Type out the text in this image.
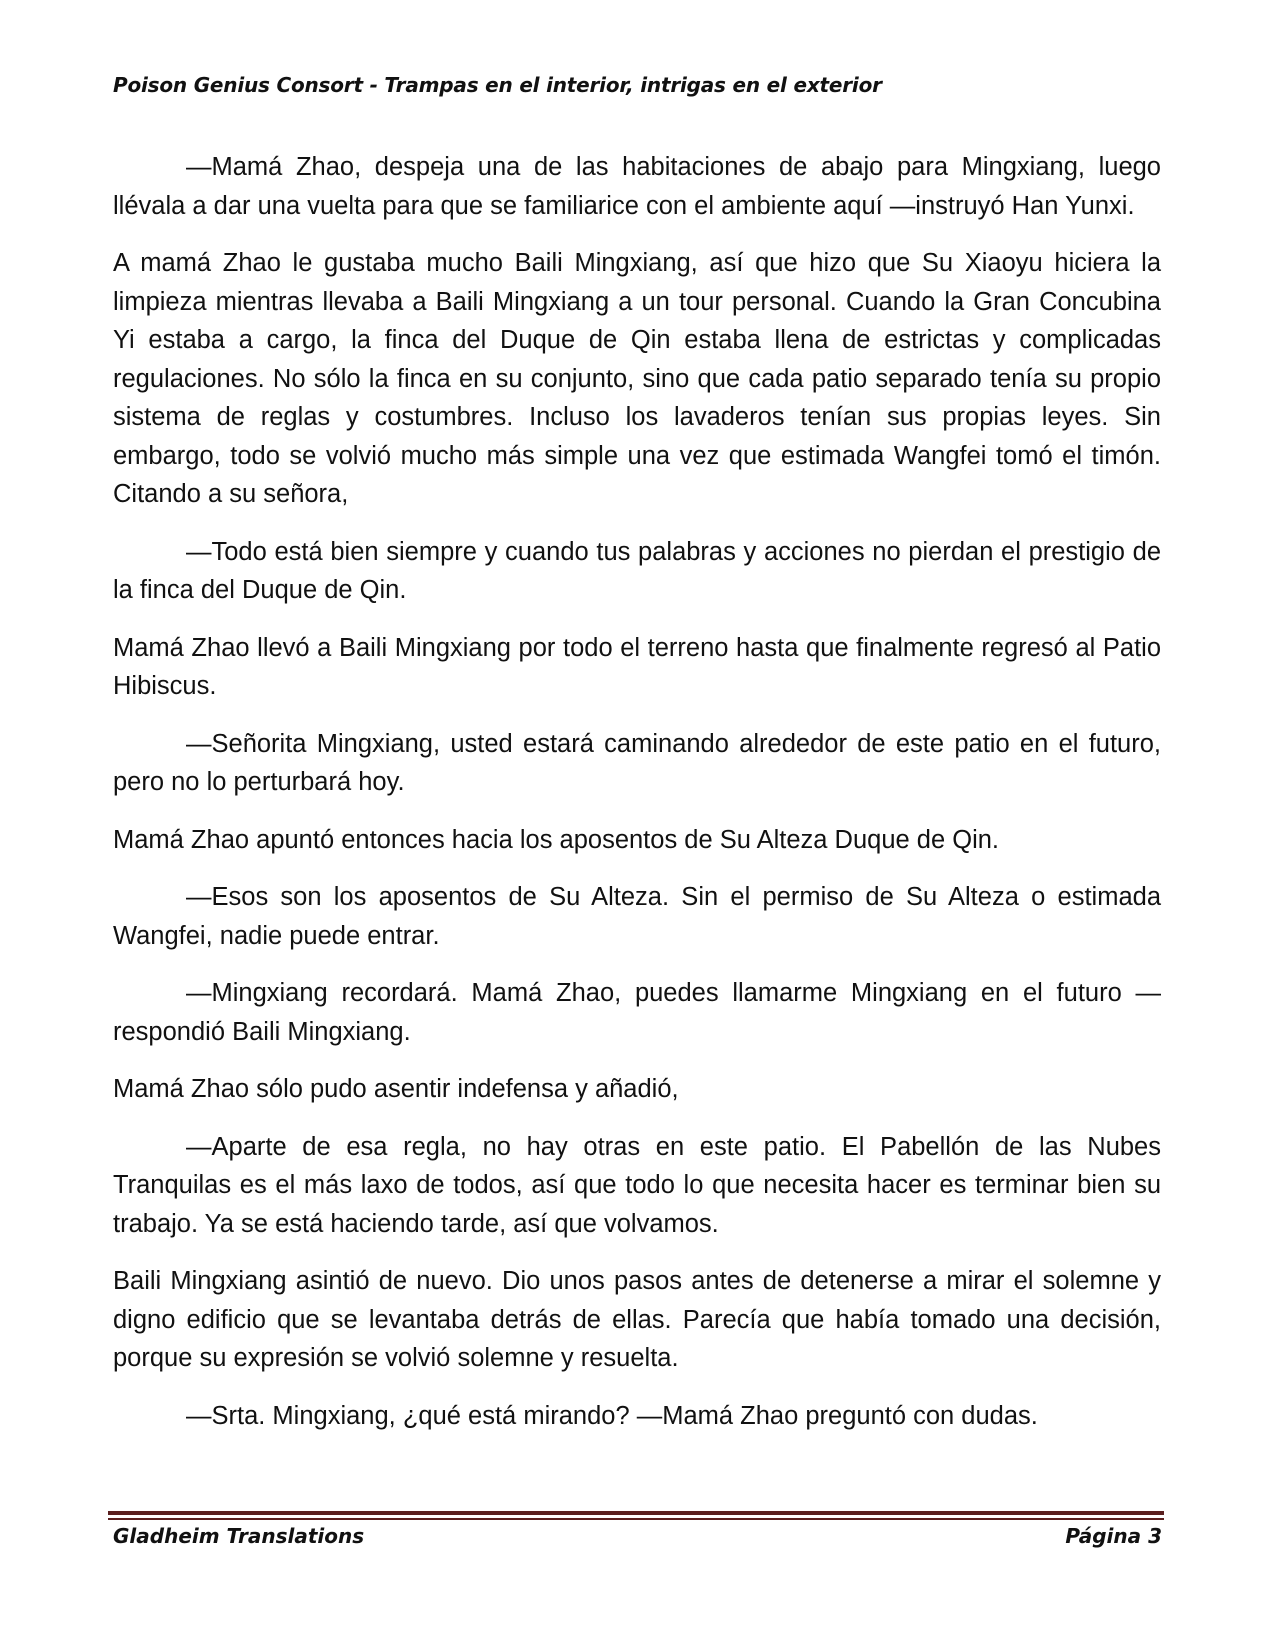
Poison Genius Consort - Trampas en el interior, intrigas en el exterior

—Mamá Zhao, despeja una de las habitaciones de abajo para Mingxiang, luego llévala a dar una vuelta para que se familiarice con el ambiente aquí —instruyó Han Yunxi.

A mamá Zhao le gustaba mucho Baili Mingxiang, así que hizo que Su Xiaoyu hiciera la limpieza mientras llevaba a Baili Mingxiang a un tour personal. Cuando la Gran Concubina Yi estaba a cargo, la finca del Duque de Qin estaba llena de estrictas y complicadas regulaciones. No sólo la finca en su conjunto, sino que cada patio separado tenía su propio sistema de reglas y costumbres. Incluso los lavaderos tenían sus propias leyes. Sin embargo, todo se volvió mucho más simple una vez que estimada Wangfei tomó el timón. Citando a su señora,

—Todo está bien siempre y cuando tus palabras y acciones no pierdan el prestigio de la finca del Duque de Qin.

Mamá Zhao llevó a Baili Mingxiang por todo el terreno hasta que finalmente regresó al Patio Hibiscus.

—Señorita Mingxiang, usted estará caminando alrededor de este patio en el futuro, pero no lo perturbará hoy.

Mamá Zhao apuntó entonces hacia los aposentos de Su Alteza Duque de Qin.

—Esos son los aposentos de Su Alteza. Sin el permiso de Su Alteza o estimada Wangfei, nadie puede entrar.

—Mingxiang recordará. Mamá Zhao, puedes llamarme Mingxiang en el futuro —respondió Baili Mingxiang.

Mamá Zhao sólo pudo asentir indefensa y añadió,

—Aparte de esa regla, no hay otras en este patio. El Pabellón de las Nubes Tranquilas es el más laxo de todos, así que todo lo que necesita hacer es terminar bien su trabajo. Ya se está haciendo tarde, así que volvamos.

Baili Mingxiang asintió de nuevo. Dio unos pasos antes de detenerse a mirar el solemne y digno edificio que se levantaba detrás de ellas. Parecía que había tomado una decisión, porque su expresión se volvió solemne y resuelta.

—Srta. Mingxiang, ¿qué está mirando? —Mamá Zhao preguntó con dudas.

Gladheim Translations	Página 3
